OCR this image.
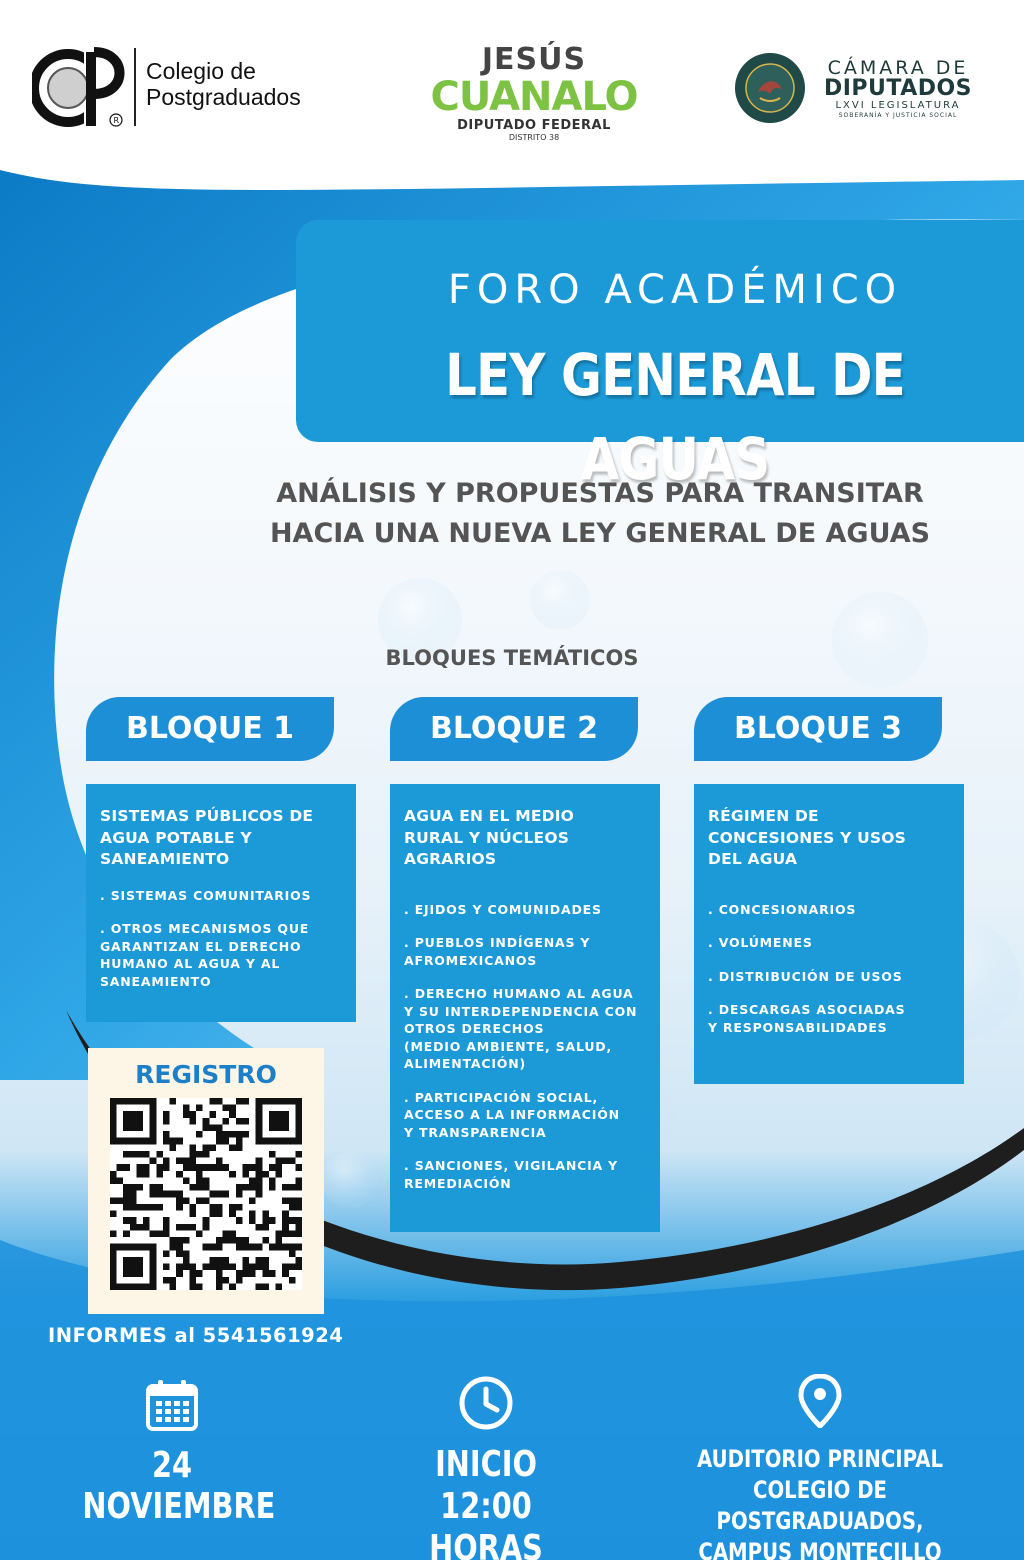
R
Colegio de
Postgraduados
JESÚS
CUANALO
DIPUTADO FEDERAL
DISTRITO 38
CÁMARA DE
DIPUTADOS
LXVI LEGISLATURA
SOBERANÍA Y JUSTICIA SOCIAL
FORO ACADÉMICO
LEY GENERAL DE AGUAS
ANÁLISIS Y PROPUESTAS PARA TRANSITAR
HACIA UNA NUEVA LEY GENERAL DE AGUAS
BLOQUES TEMÁTICOS
BLOQUE 1	BLOQUE 2	BLOQUE 3
SISTEMAS PÚBLICOS DE
AGUA POTABLE Y
SANEAMIENTO
. SISTEMAS COMUNITARIOS
. OTROS MECANISMOS QUE
GARANTIZAN EL DERECHO
HUMANO AL AGUA Y AL
SANEAMIENTO
AGUA EN EL MEDIO
RURAL Y NÚCLEOS
AGRARIOS
. EJIDOS Y COMUNIDADES
. PUEBLOS INDÍGENAS Y
AFROMEXICANOS
. DERECHO HUMANO AL AGUA
Y SU INTERDEPENDENCIA CON
OTROS DERECHOS
(MEDIO AMBIENTE, SALUD,
ALIMENTACIÓN)
. PARTICIPACIÓN SOCIAL,
ACCESO A LA INFORMACIÓN
Y TRANSPARENCIA
. SANCIONES, VIGILANCIA Y
REMEDIACIÓN
RÉGIMEN DE
CONCESIONES Y USOS
DEL AGUA
. CONCESIONARIOS
. VOLÚMENES
. DISTRIBUCIÓN DE USOS
. DESCARGAS ASOCIADAS
Y RESPONSABILIDADES
REGISTRO
INFORMES al 5541561924
24
NOVIEMBRE
INICIO
12:00 HORAS
AUDITORIO PRINCIPAL
COLEGIO DE POSTGRADUADOS,
CAMPUS MONTECILLO
